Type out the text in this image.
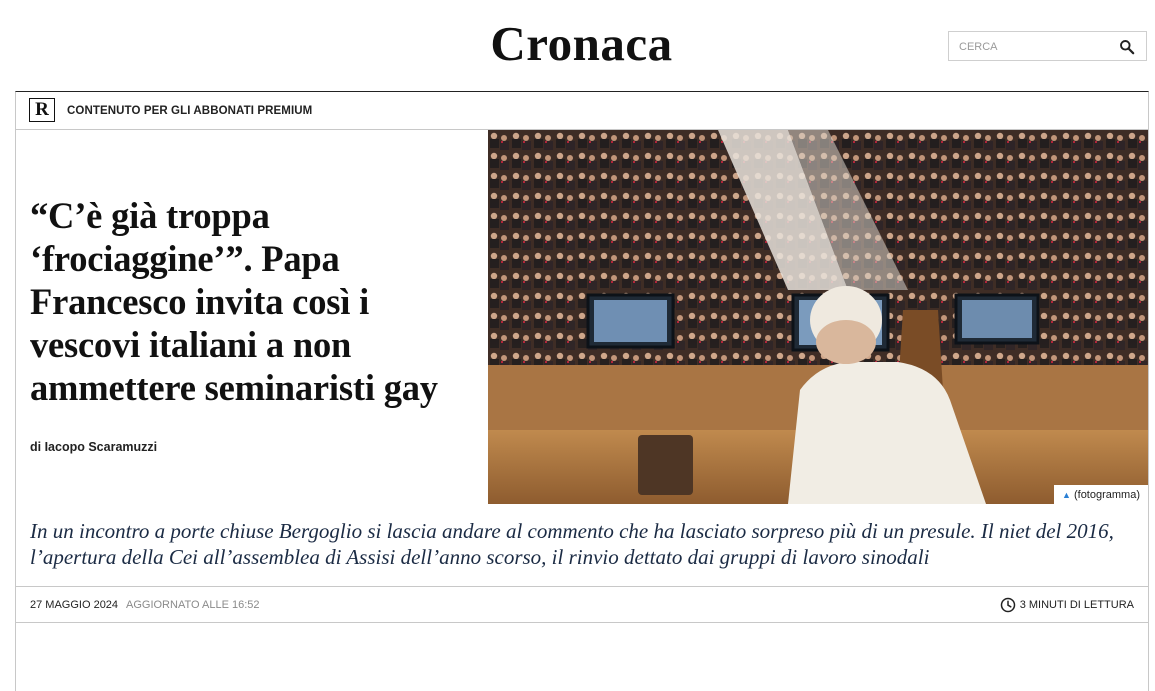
Cronaca
CERCA
R	CONTENUTO PER GLI ABBONATI PREMIUM
“C’è già troppa ‘frociaggine’”. Papa Francesco invita così i vescovi italiani a non ammettere seminaristi gay
di Iacopo Scaramuzzi
▲ (fotogramma)

In un incontro a porte chiuse Bergoglio si lascia andare al commento che ha lasciato sorpreso più di un presule. Il niet del 2016, l’apertura della Cei all’assemblea di Assisi dell’anno scorso, il rinvio dettato dai gruppi di lavoro sinodali

27 MAGGIO 2024 AGGIORNATO ALLE 16:52	3 MINUTI DI LETTURA
